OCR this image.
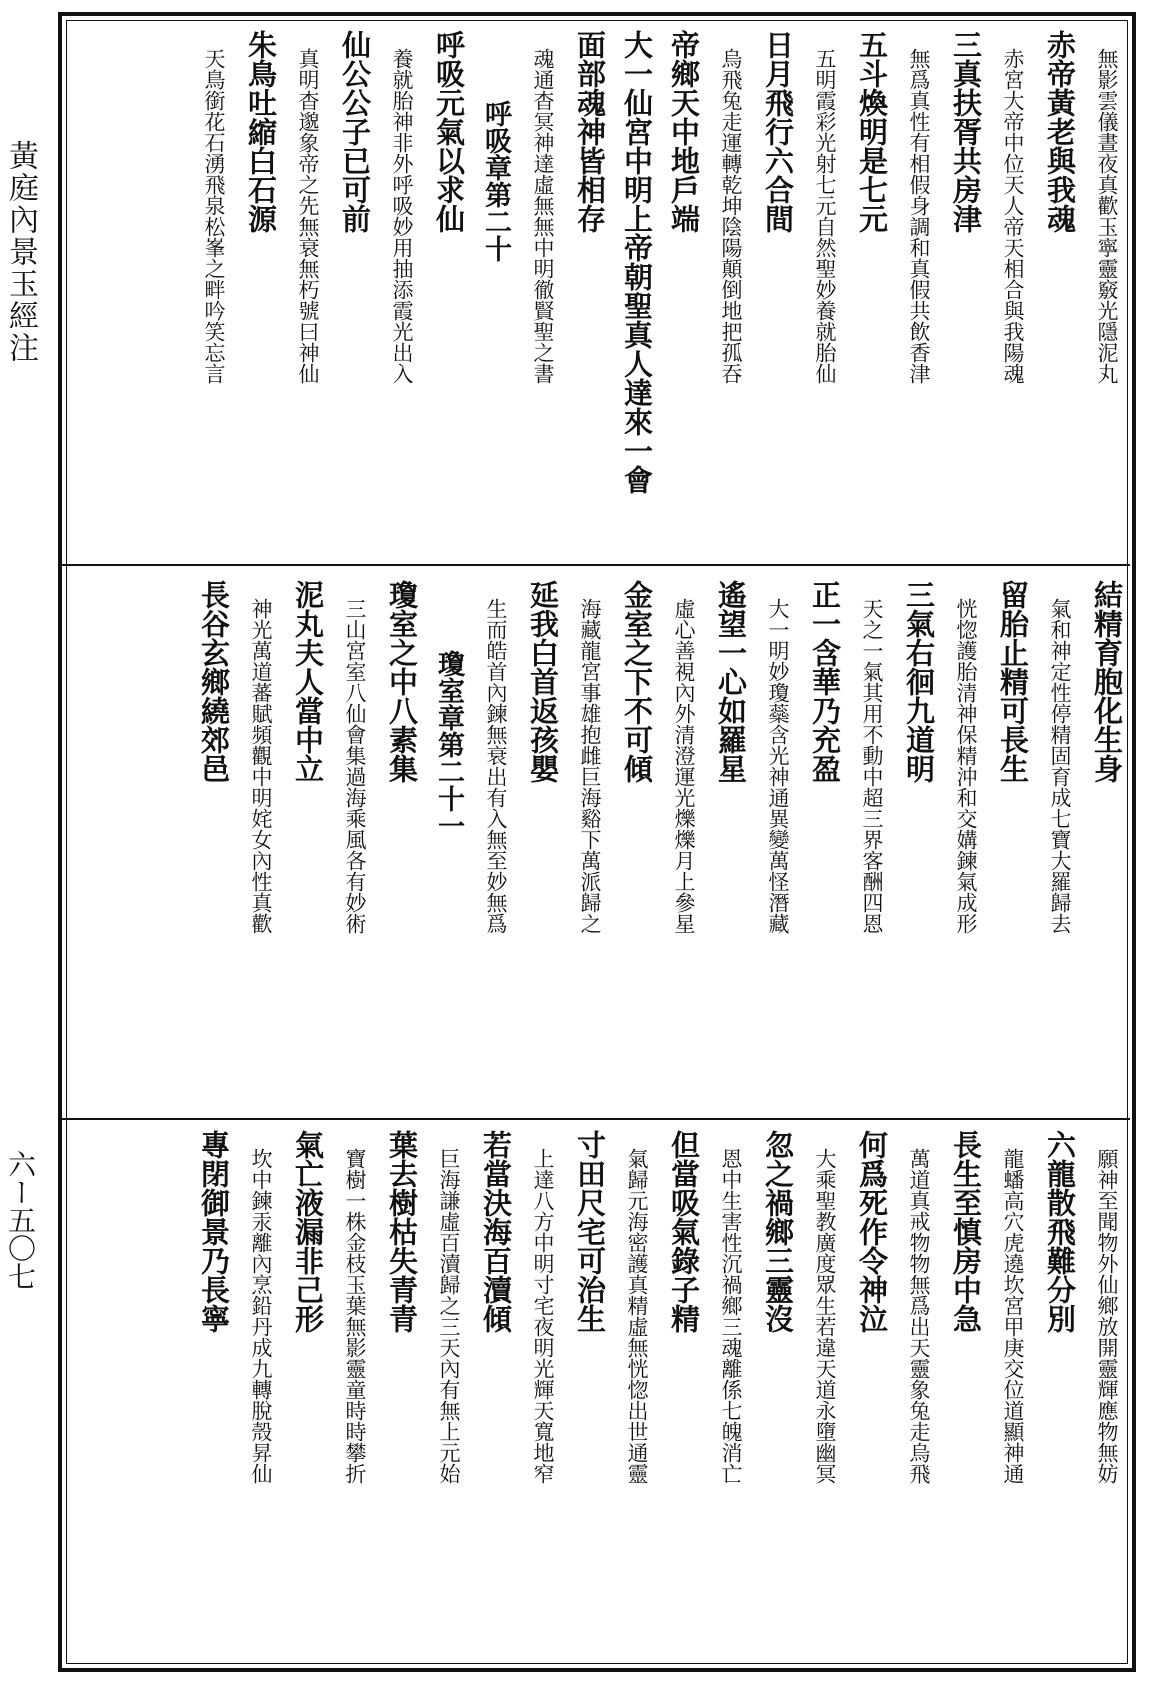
黃庭內景玉經注
六ー五〇七
無影雲儀晝夜真歡玉寧靈竅光隱泥丸
赤帝黃老與我魂
赤宮大帝中位天人帝天相合與我陽魂
三真扶胥共房津
無爲真性有相假身調和真假共飲香津
五斗煥明是七元
五明霞彩光射七元自然聖妙養就胎仙
日月飛行六合間
烏飛兔走運轉乾坤陰陽顛倒地把孤吞
帝鄉天中地戶端
大一仙宮中明上帝朝聖真人達來一會
面部魂神皆相存
魂通杳冥神達虛無無中明徹賢聖之書
呼吸章第二十
呼吸元氣以求仙
養就胎神非外呼吸妙用抽添霞光出入
仙公公子已可前
真明杳邈象帝之先無衰無朽號曰神仙
朱鳥吐縮白石源
天鳥銜花石湧飛泉松峯之畔吟笑忘言
結精育胞化生身
氣和神定性停精固育成七寶大羅歸去
留胎止精可長生
恍惚護胎清神保精沖和交媾鍊氣成形
三氣右徊九道明
天之一氣其用不動中超三界客酬四恩
正一含華乃充盈
大一明妙瓊蘂含光神通異變萬怪潛藏
遙望一心如羅星
虛心善視內外清澄運光爍爍月上參星
金室之下不可傾
海藏龍宮事雄抱雌巨海谿下萬派歸之
延我白首返孩嬰
生而皓首內鍊無衰出有入無至妙無爲
瓊室章第二十一
瓊室之中八素集
三山宮室八仙會集過海乘風各有妙術
泥丸夫人當中立
神光萬道蕃賦頻觀中明姹女內性真歡
長谷玄鄉繞郊邑
願神至聞物外仙鄉放開靈輝應物無妨
六龍散飛難分別
龍蟠高穴虎遶坎宮甲庚交位道顯神通
長生至慎房中急
萬道真戒物物無爲出天靈象兔走烏飛
何爲死作令神泣
大乘聖教廣度眾生若違天道永墮幽冥
忽之禍鄉三靈沒
恩中生害性沉禍鄉三魂離係七魄消亡
但當吸氣錄子精
氣歸元海密護真精虛無恍惚出世通靈
寸田尺宅可治生
上達八方中明寸宅夜明光輝天寬地窄
若當決海百瀆傾
巨海謙虛百瀆歸之三天內有無上元始
葉去樹枯失青青
寶樹一株金枝玉葉無影靈童時時攀折
氣亡液漏非己形
坎中鍊汞離內烹鉛丹成九轉脫殼昇仙
專閉御景乃長寧
